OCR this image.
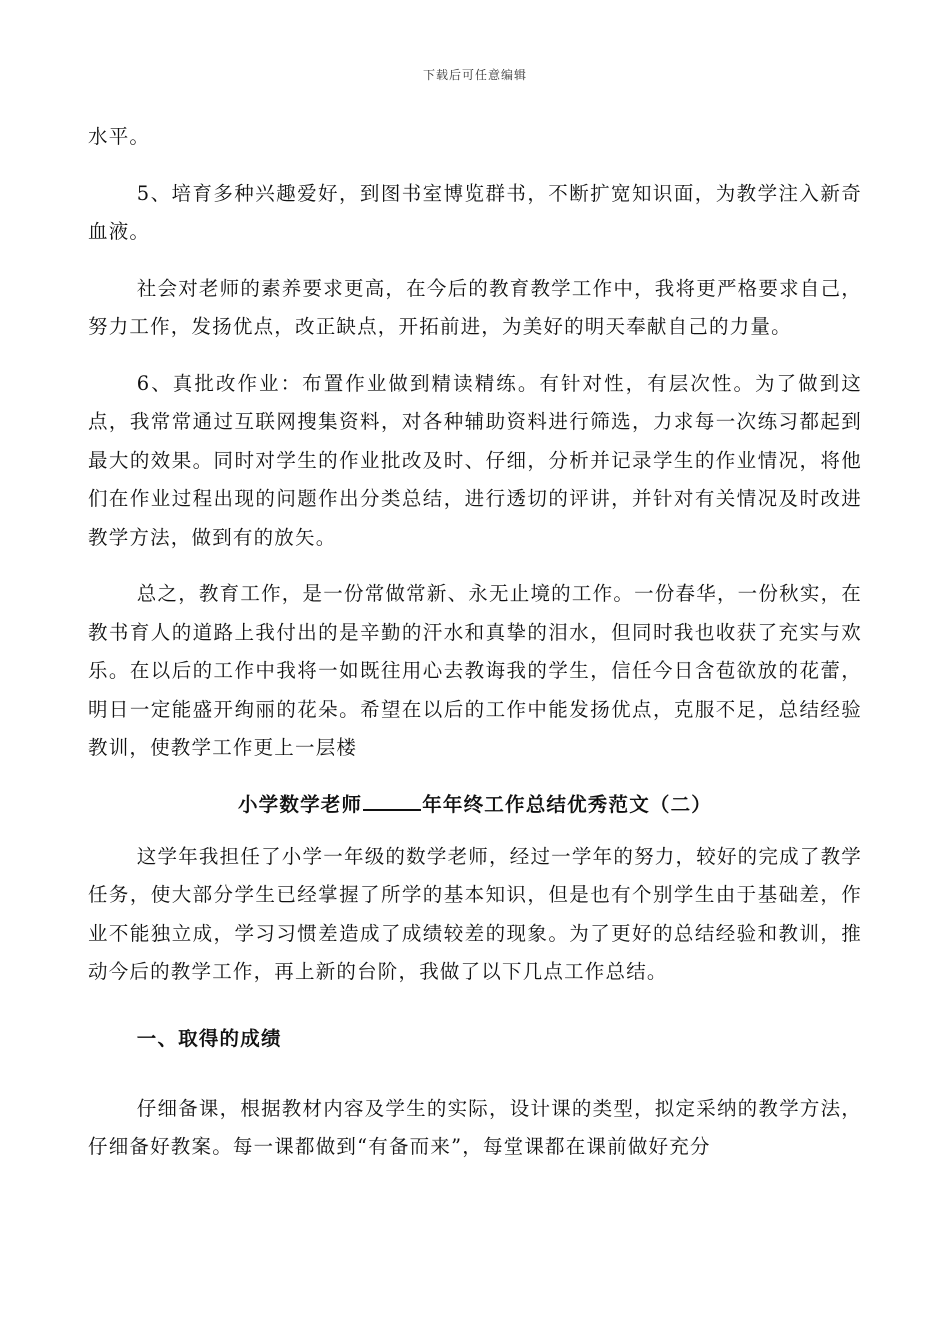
下载后可任意编辑

水平。

5、培育多种兴趣爱好，到图书室博览群书，不断扩宽知识面，为教学注入新奇血液。

社会对老师的素养要求更高，在今后的教育教学工作中，我将更严格要求自己，努力工作，发扬优点，改正缺点，开拓前进，为美好的明天奉献自己的力量。

6、真批改作业：布置作业做到精读精练。有针对性，有层次性。为了做到这点，我常常通过互联网搜集资料，对各种辅助资料进行筛选，力求每一次练习都起到最大的效果。同时对学生的作业批改及时、仔细，分析并记录学生的作业情况，将他们在作业过程出现的问题作出分类总结，进行透切的评讲，并针对有关情况及时改进教学方法，做到有的放矢。

总之，教育工作，是一份常做常新、永无止境的工作。一份春华，一份秋实，在教书育人的道路上我付出的是辛勤的汗水和真挚的泪水，但同时我也收获了充实与欢乐。在以后的工作中我将一如既往用心去教诲我的学生，信任今日含苞欲放的花蕾，明日一定能盛开绚丽的花朵。希望在以后的工作中能发扬优点，克服不足，总结经验教训，使教学工作更上一层楼

小学数学老师	年年终工作总结优秀范文（二）

这学年我担任了小学一年级的数学老师，经过一学年的努力，较好的完成了教学任务，使大部分学生已经掌握了所学的基本知识，但是也有个别学生由于基础差，作业不能独立成，学习习惯差造成了成绩较差的现象。为了更好的总结经验和教训，推动今后的教学工作，再上新的台阶，我做了以下几点工作总结。

一、取得的成绩

仔细备课，根据教材内容及学生的实际，设计课的类型，拟定采纳的教学方法，仔细备好教案。每一课都做到“有备而来”，每堂课都在课前做好充分
